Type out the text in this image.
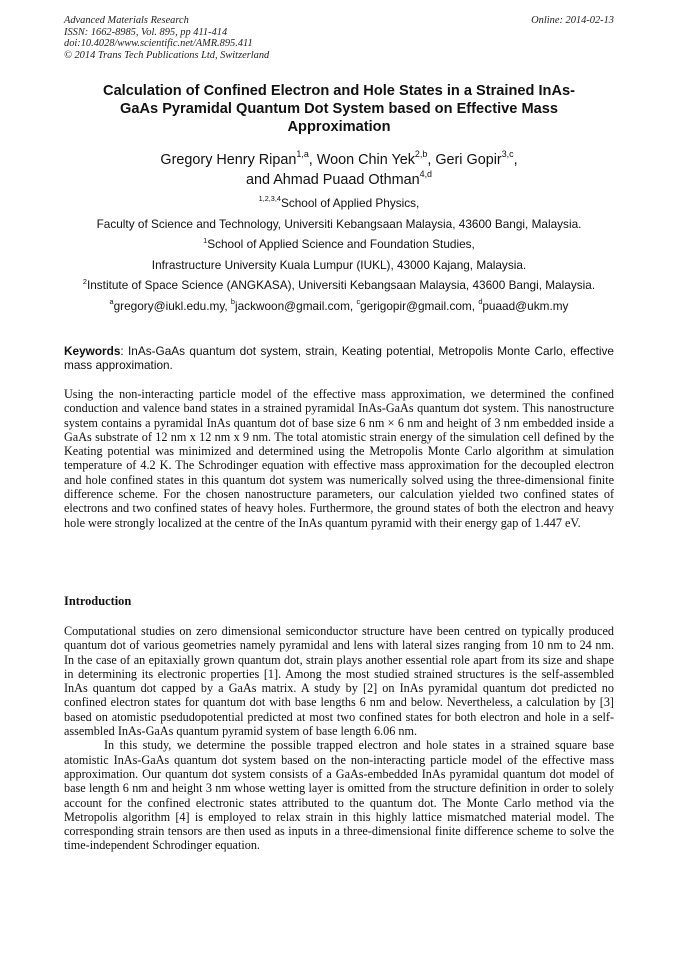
Advanced Materials Research
ISSN: 1662-8985, Vol. 895, pp 411-414
doi:10.4028/www.scientific.net/AMR.895.411
© 2014 Trans Tech Publications Ltd, Switzerland
Online: 2014-02-13
Calculation of Confined Electron and Hole States in a Strained InAs-
GaAs Pyramidal Quantum Dot System based on Effective Mass
Approximation
Gregory Henry Ripan$^{1,a}$, Woon Chin Yek$^{2,b}$, Geri Gopir$^{3,c}$,
and Ahmad Puaad Othman$^{4,d}$
$^{1,2,3,4}$School of Applied Physics,
Faculty of Science and Technology, Universiti Kebangsaan Malaysia, 43600 Bangi, Malaysia.
$^1$School of Applied Science and Foundation Studies,
Infrastructure University Kuala Lumpur (IUKL), 43000 Kajang, Malaysia.
$^2$Institute of Space Science (ANGKASA), Universiti Kebangsaan Malaysia, 43600 Bangi, Malaysia.
$^a$gregory@iukl.edu.my, $^b$jackwoon@gmail.com, $^c$gerigopir@gmail.com, $^d$puaad@ukm.my
Keywords: InAs-GaAs quantum dot system, strain, Keating potential, Metropolis Monte Carlo, effective mass approximation.
Using the non-interacting particle model of the effective mass approximation, we determined the confined conduction and valence band states in a strained pyramidal InAs-GaAs quantum dot system. This nanostructure system contains a pyramidal InAs quantum dot of base size 6 nm × 6 nm and height of 3 nm embedded inside a GaAs substrate of 12 nm x 12 nm x 9 nm. The total atomistic strain energy of the simulation cell defined by the Keating potential was minimized and determined using the Metropolis Monte Carlo algorithm at simulation temperature of 4.2 K. The Schrodinger equation with effective mass approximation for the decoupled electron and hole confined states in this quantum dot system was numerically solved using the three-dimensional finite difference scheme. For the chosen nanostructure parameters, our calculation yielded two confined states of electrons and two confined states of heavy holes. Furthermore, the ground states of both the electron and heavy hole were strongly localized at the centre of the InAs quantum pyramid with their energy gap of 1.447 eV.
Introduction

Computational studies on zero dimensional semiconductor structure have been centred on typically produced quantum dot of various geometries namely pyramidal and lens with lateral sizes ranging from 10 nm to 24 nm. In the case of an epitaxially grown quantum dot, strain plays another essential role apart from its size and shape in determining its electronic properties [1]. Among the most studied strained structures is the self-assembled InAs quantum dot capped by a GaAs matrix. A study by [2] on InAs pyramidal quantum dot predicted no confined electron states for quantum dot with base lengths 6 nm and below. Nevertheless, a calculation by [3] based on atomistic psedudopotential predicted at most two confined states for both electron and hole in a self-assembled InAs-GaAs quantum pyramid system of base length 6.06 nm.

In this study, we determine the possible trapped electron and hole states in a strained square base atomistic InAs-GaAs quantum dot system based on the non-interacting particle model of the effective mass approximation. Our quantum dot system consists of a GaAs-embedded InAs pyramidal quantum dot model of base length 6 nm and height 3 nm whose wetting layer is omitted from the structure definition in order to solely account for the confined electronic states attributed to the quantum dot. The Monte Carlo method via the Metropolis algorithm [4] is employed to relax strain in this highly lattice mismatched material model. The corresponding strain tensors are then used as inputs in a three-dimensional finite difference scheme to solve the time-independent Schrodinger equation.
